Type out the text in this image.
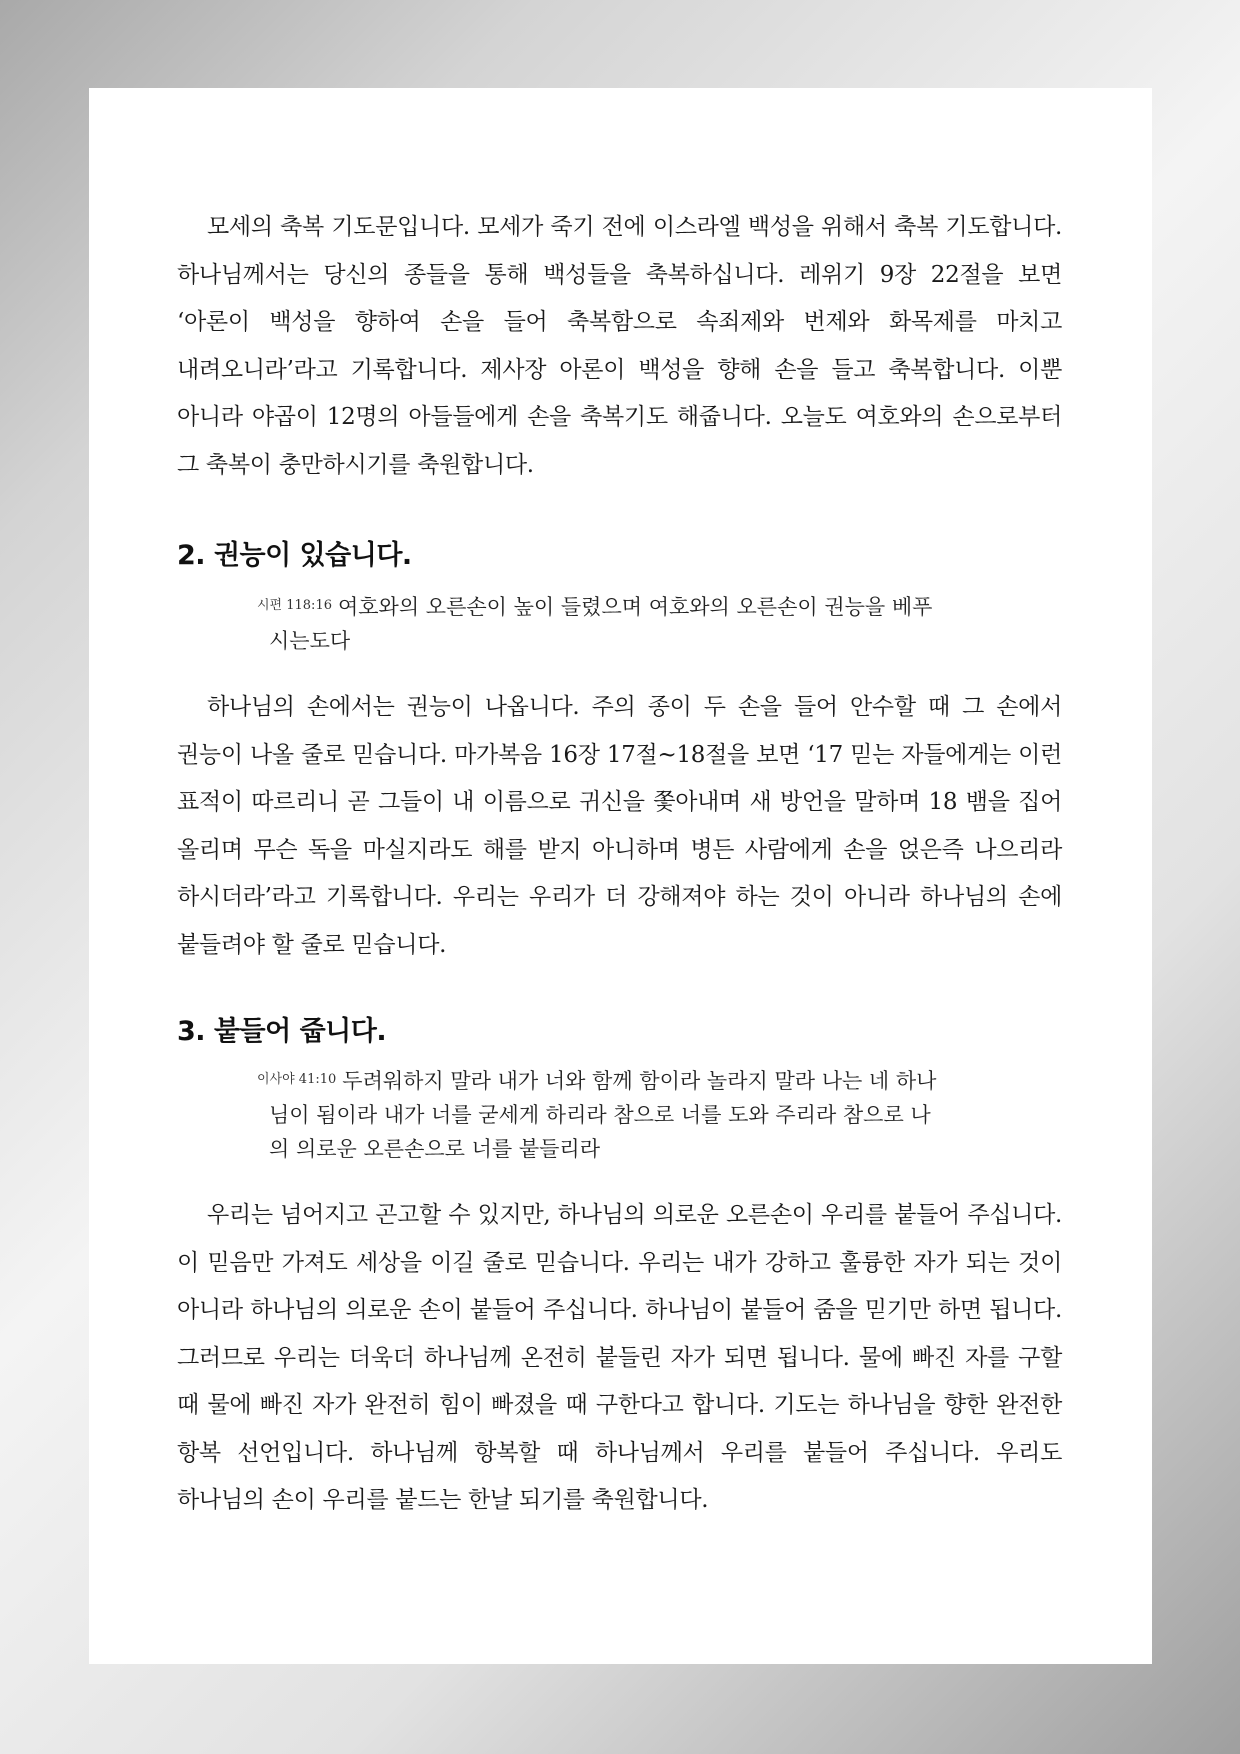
모세의 축복 기도문입니다. 모세가 죽기 전에 이스라엘 백성을 위해서 축복 기도합니다. 하나님께서는 당신의 종들을 통해 백성들을 축복하십니다. 레위기 9장 22절을 보면 ‘아론이 백성을 향하여 손을 들어 축복함으로 속죄제와 번제와 화목제를 마치고 내려오니라’라고 기록합니다. 제사장 아론이 백성을 향해 손을 들고 축복합니다. 이뿐 아니라 야곱이 12명의 아들들에게 손을 축복기도 해줍니다. 오늘도 여호와의 손으로부터 그 축복이 충만하시기를 축원합니다.

2. 권능이 있습니다.
$^{시편 118:16}$ 여호와의 오른손이 높이 들렸으며 여호와의 오른손이 권능을 베푸
시는도다

하나님의 손에서는 권능이 나옵니다. 주의 종이 두 손을 들어 안수할 때 그 손에서 권능이 나올 줄로 믿습니다. 마가복음 16장 17절~18절을 보면 ‘17 믿는 자들에게는 이런 표적이 따르리니 곧 그들이 내 이름으로 귀신을 쫓아내며 새 방언을 말하며 18 뱀을 집어 올리며 무슨 독을 마실지라도 해를 받지 아니하며 병든 사람에게 손을 얹은즉 나으리라 하시더라’라고 기록합니다. 우리는 우리가 더 강해져야 하는 것이 아니라 하나님의 손에 붙들려야 할 줄로 믿습니다.

3. 붙들어 줍니다.
$^{이사야 41:10}$ 두려워하지 말라 내가 너와 함께 함이라 놀라지 말라 나는 네 하나
님이 됨이라 내가 너를 굳세게 하리라 참으로 너를 도와 주리라 참으로 나
의 의로운 오른손으로 너를 붙들리라

우리는 넘어지고 곤고할 수 있지만, 하나님의 의로운 오른손이 우리를 붙들어 주십니다. 이 믿음만 가져도 세상을 이길 줄로 믿습니다. 우리는 내가 강하고 훌륭한 자가 되는 것이 아니라 하나님의 의로운 손이 붙들어 주십니다. 하나님이 붙들어 줌을 믿기만 하면 됩니다. 그러므로 우리는 더욱더 하나님께 온전히 붙들린 자가 되면 됩니다. 물에 빠진 자를 구할 때 물에 빠진 자가 완전히 힘이 빠졌을 때 구한다고 합니다. 기도는 하나님을 향한 완전한 항복 선언입니다. 하나님께 항복할 때 하나님께서 우리를 붙들어 주십니다. 우리도 하나님의 손이 우리를 붙드는 한날 되기를 축원합니다.
